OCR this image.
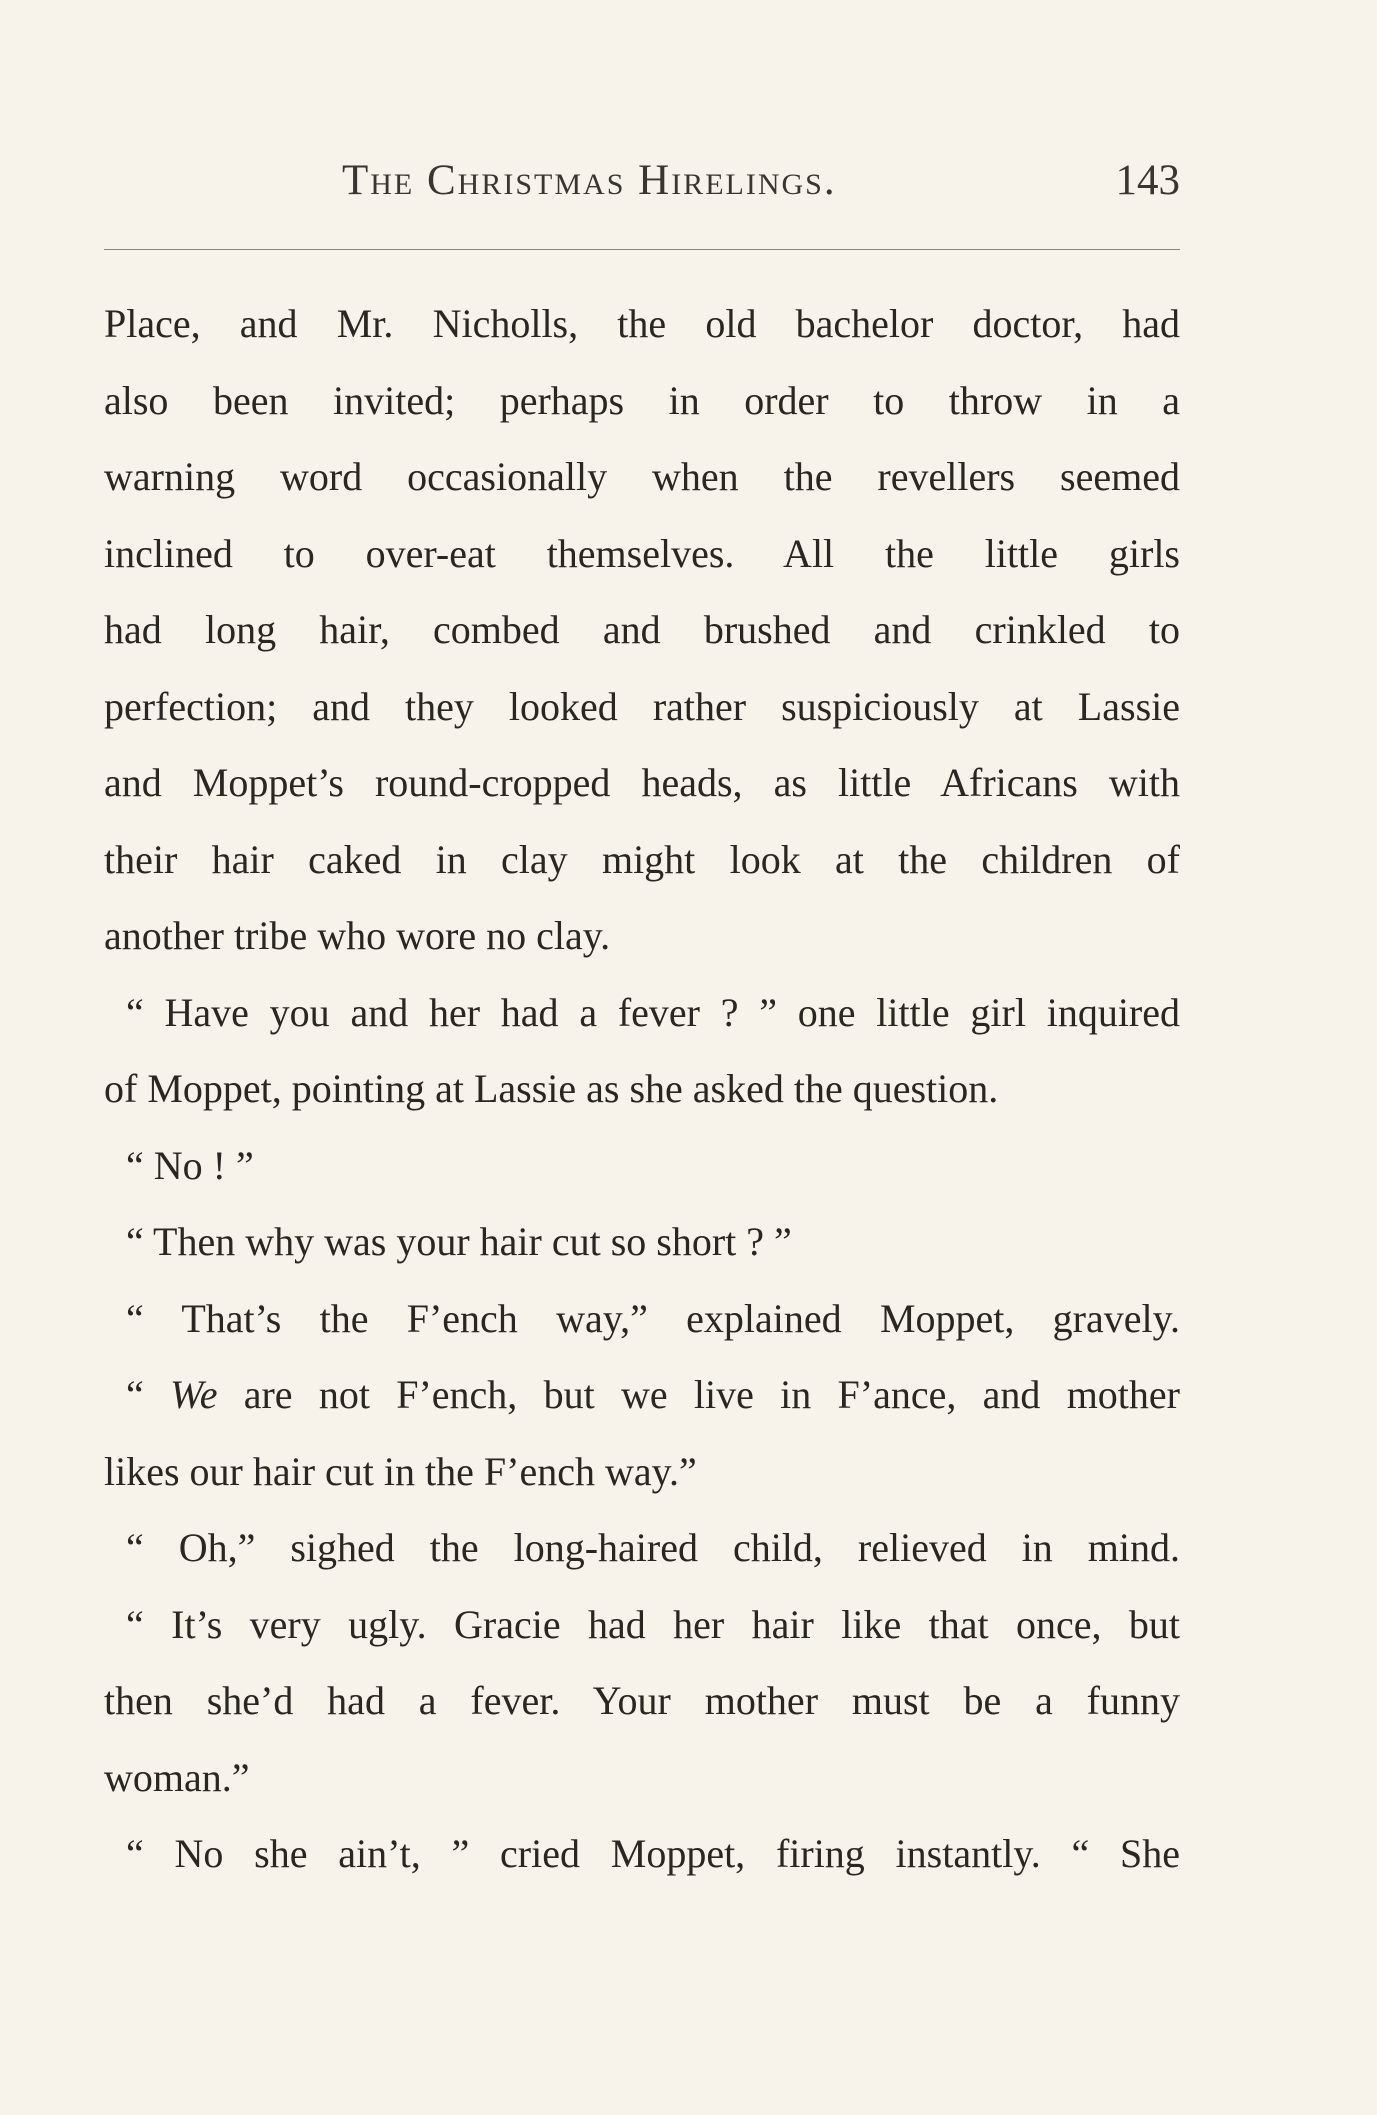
The Christmas Hirelings.	143
Place, and Mr. Nicholls, the old bachelor doctor, had
also been invited; perhaps in order to throw in a
warning word occasionally when the revellers seemed
inclined to over-eat themselves. All the little girls
had long hair, combed and brushed and crinkled to
perfection; and they looked rather suspiciously at Lassie
and Moppet’s round-cropped heads, as little Africans with
their hair caked in clay might look at the children of
another tribe who wore no clay.
“ Have you and her had a fever ? ” one little girl inquired
of Moppet, pointing at Lassie as she asked the question.
“ No ! ”
“ Then why was your hair cut so short ? ”
“ That’s the F’ench way,” explained Moppet, gravely.
“ We are not F’ench, but we live in F’ance, and mother
likes our hair cut in the F’ench way.”
“ Oh,” sighed the long-haired child, relieved in mind.
“ It’s very ugly. Gracie had her hair like that once, but
then she’d had a fever. Your mother must be a funny
woman.”
“ No she ain’t, ” cried Moppet, firing instantly. “ She
